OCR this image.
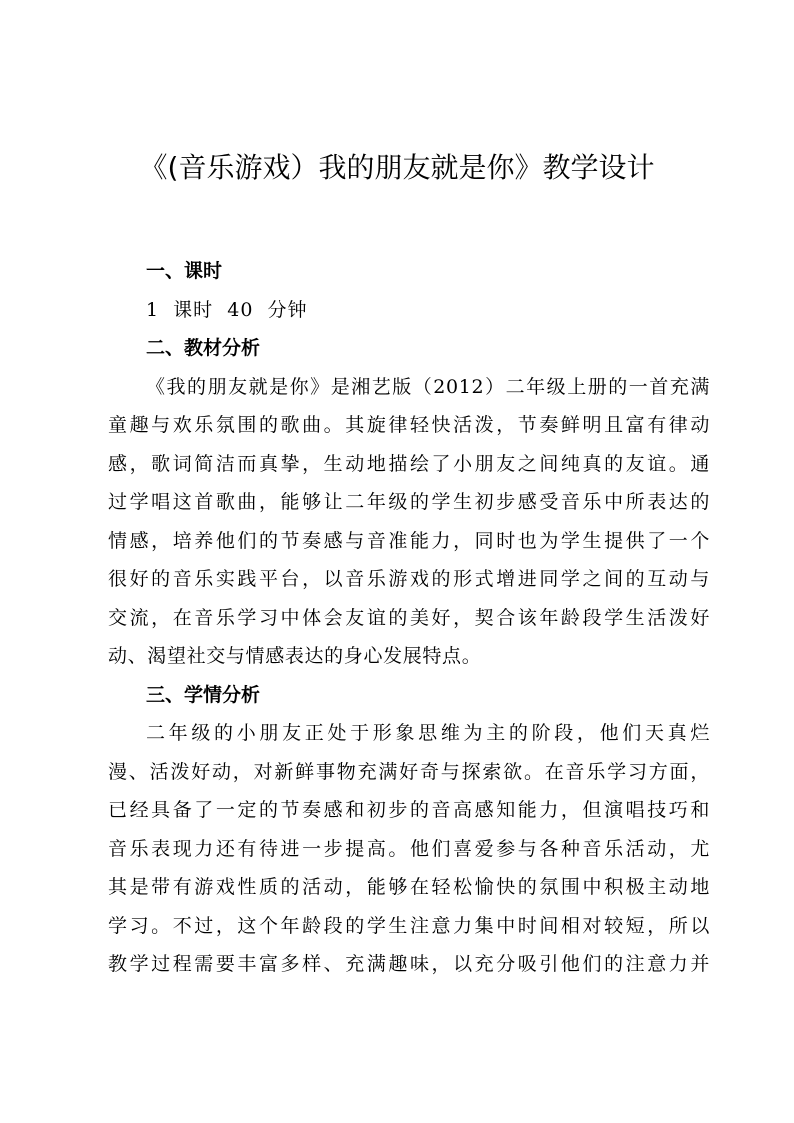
《(音乐游戏）我的朋友就是你》教学设计
一、课时
1  课时  40  分钟
二、教材分析
《我的朋友就是你》是湘艺版（2012）二年级上册的一首充满
童趣与欢乐氛围的歌曲。其旋律轻快活泼，节奏鲜明且富有律动
感，歌词简洁而真挚，生动地描绘了小朋友之间纯真的友谊。通
过学唱这首歌曲，能够让二年级的学生初步感受音乐中所表达的
情感，培养他们的节奏感与音准能力，同时也为学生提供了一个
很好的音乐实践平台，以音乐游戏的形式增进同学之间的互动与
交流，在音乐学习中体会友谊的美好，契合该年龄段学生活泼好
动、渴望社交与情感表达的身心发展特点。
三、学情分析
二年级的小朋友正处于形象思维为主的阶段，他们天真烂
漫、活泼好动，对新鲜事物充满好奇与探索欲。在音乐学习方面，
已经具备了一定的节奏感和初步的音高感知能力，但演唱技巧和
音乐表现力还有待进一步提高。他们喜爱参与各种音乐活动，尤
其是带有游戏性质的活动，能够在轻松愉快的氛围中积极主动地
学习。不过，这个年龄段的学生注意力集中时间相对较短，所以
教学过程需要丰富多样、充满趣味，以充分吸引他们的注意力并
